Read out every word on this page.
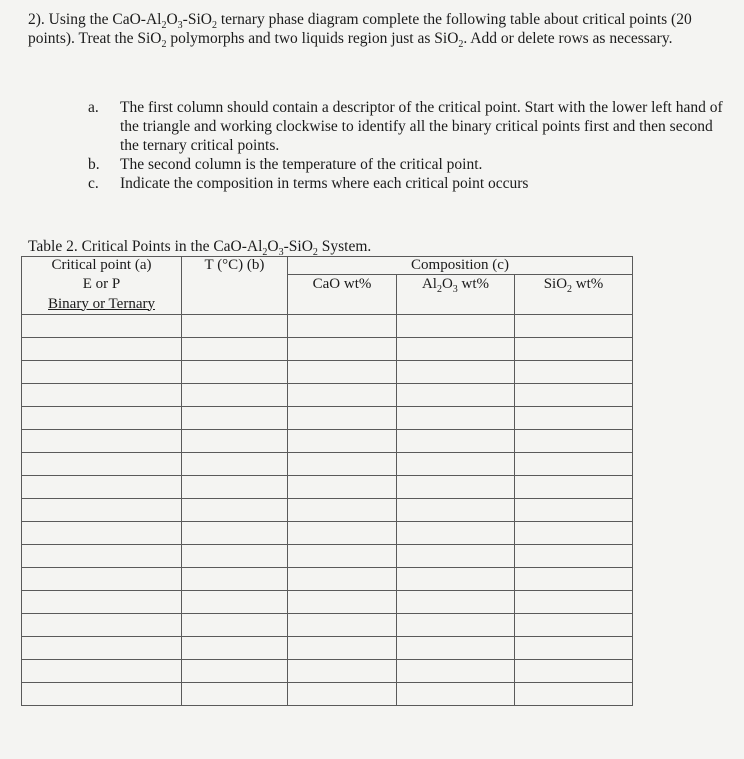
2). Using the CaO-$Al_2O_3-SiO_2$ ternary phase diagram complete the following table about critical points (20 points). Treat the SiO$_2$ polymorphs and two liquids region just as SiO$_2$. Add or delete rows as necessary.

a.	The first column should contain a descriptor of the critical point. Start with the lower left hand of the triangle and working clockwise to identify all the binary critical points first and then second the ternary critical points.
b.	The second column is the temperature of the critical point.
c.	Indicate the composition in terms where each critical point occurs
Table 2. Critical Points in the CaO-$Al_2O_3-SiO_2$ System.
Critical point (a)	T (°C) (b)	Composition (c)		
E or P		CaO wt%	$Al_2O_3$ wt%	SiO$_2$ wt%
Binary or Ternary				
